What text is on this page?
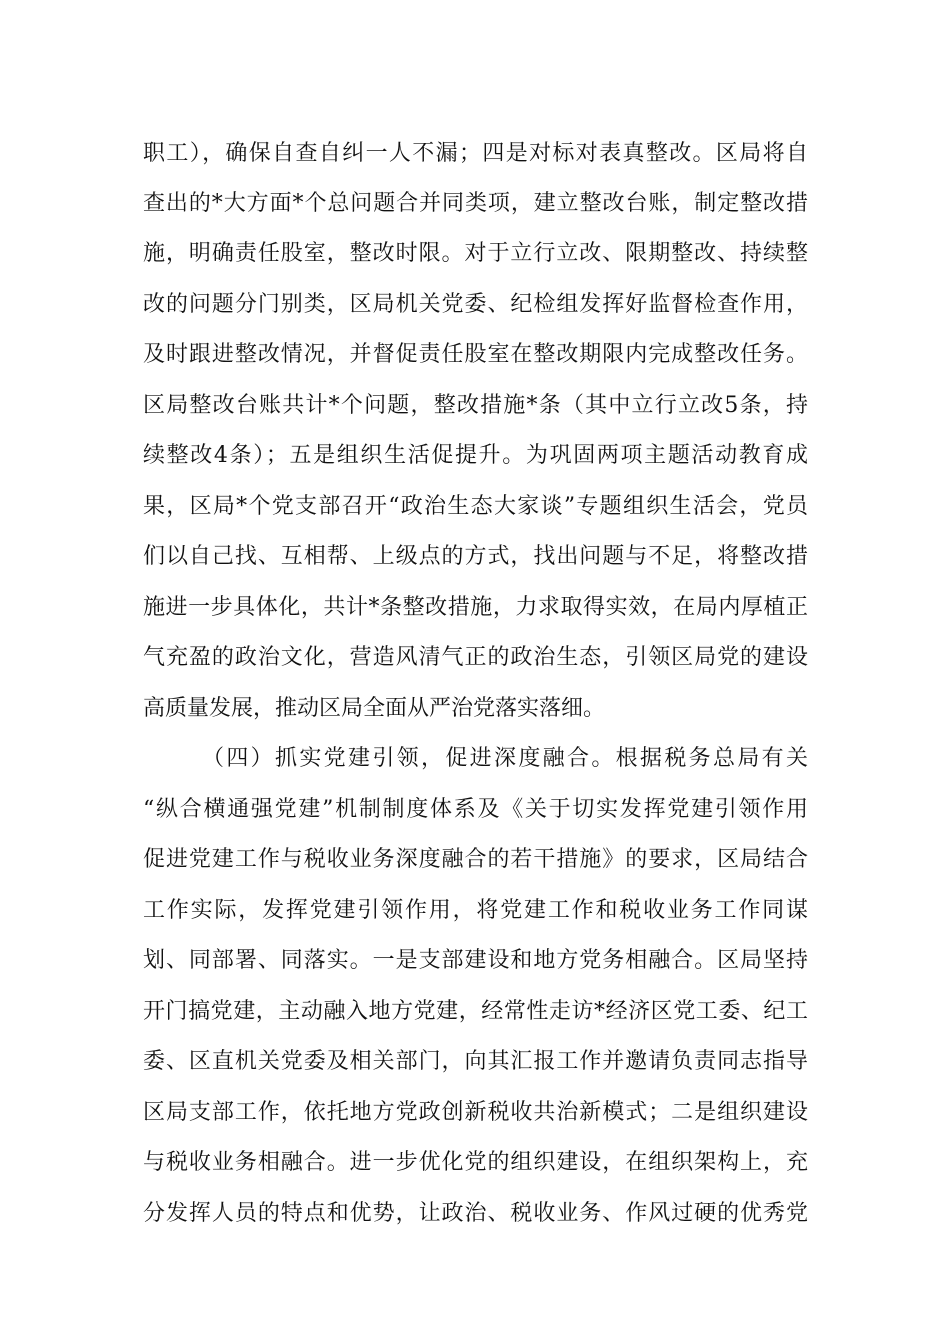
职工），确保自查自纠一人不漏；四是对标对表真整改。区局将自
查出的*大方面*个总问题合并同类项，建立整改台账，制定整改措
施，明确责任股室，整改时限。对于立行立改、限期整改、持续整
改的问题分门别类，区局机关党委、纪检组发挥好监督检查作用，
及时跟进整改情况，并督促责任股室在整改期限内完成整改任务。
区局整改台账共计*个问题，整改措施*条（其中立行立改5条，持
续整改4条）；五是组织生活促提升。为巩固两项主题活动教育成
果，区局*个党支部召开“政治生态大家谈”专题组织生活会，党员
们以自己找、互相帮、上级点的方式，找出问题与不足，将整改措
施进一步具体化，共计*条整改措施，力求取得实效，在局内厚植正
气充盈的政治文化，营造风清气正的政治生态，引领区局党的建设
高质量发展，推动区局全面从严治党落实落细。
（四）抓实党建引领，促进深度融合。根据税务总局有关
“纵合横通强党建”机制制度体系及《关于切实发挥党建引领作用
促进党建工作与税收业务深度融合的若干措施》的要求，区局结合
工作实际，发挥党建引领作用，将党建工作和税收业务工作同谋
划、同部署、同落实。一是支部建设和地方党务相融合。区局坚持
开门搞党建，主动融入地方党建，经常性走访*经济区党工委、纪工
委、区直机关党委及相关部门，向其汇报工作并邀请负责同志指导
区局支部工作，依托地方党政创新税收共治新模式；二是组织建设
与税收业务相融合。进一步优化党的组织建设，在组织架构上，充
分发挥人员的特点和优势，让政治、税收业务、作风过硬的优秀党
